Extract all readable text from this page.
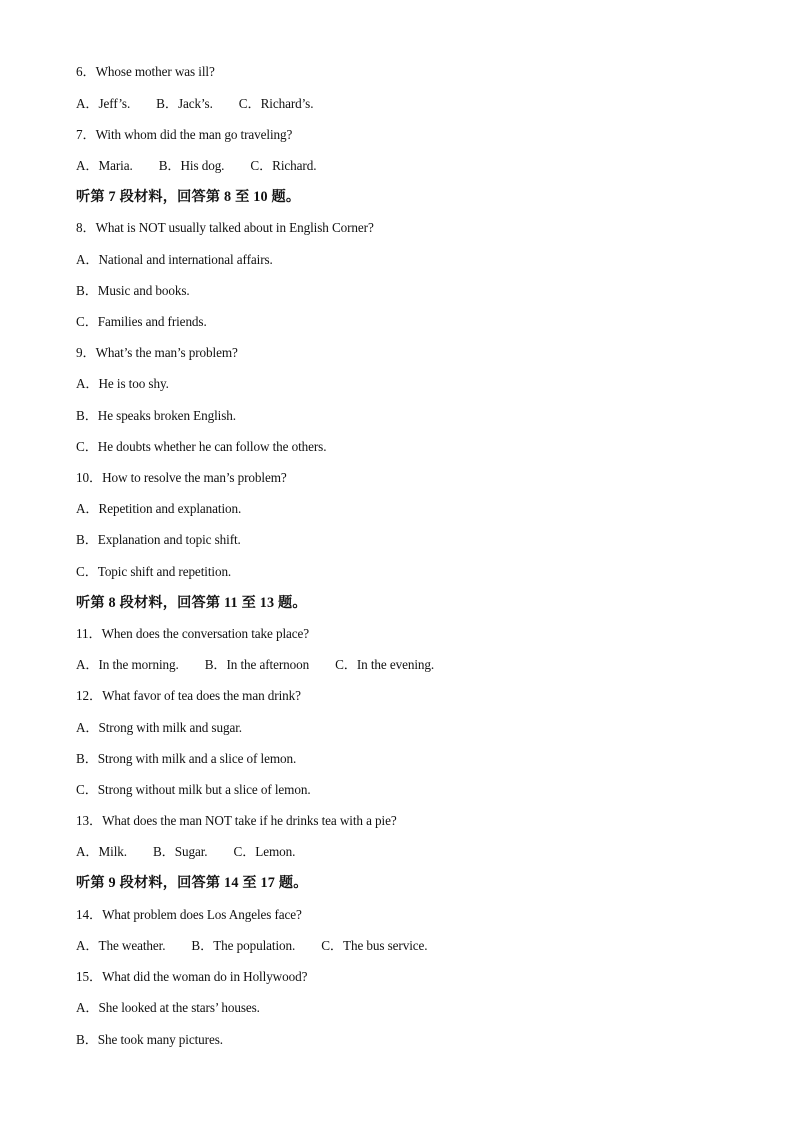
6．Whose mother was ill?
A．Jeff’s. B．Jack’s. C．Richard’s.
7．With whom did the man go traveling?
A．Maria. B．His dog. C．Richard.
听第 7 段材料，回答第 8 至 10 题。
8．What is NOT usually talked about in English Corner?
A．National and international affairs.
B．Music and books.
C．Families and friends.
9．What’s the man’s problem?
A．He is too shy.
B．He speaks broken English.
C．He doubts whether he can follow the others.
10．How to resolve the man’s problem?
A．Repetition and explanation.
B．Explanation and topic shift.
C．Topic shift and repetition.
听第 8 段材料，回答第 11 至 13 题。
11．When does the conversation take place?
A．In the morning. B．In the afternoon C．In the evening.
12．What favor of tea does the man drink?
A．Strong with milk and sugar.
B．Strong with milk and a slice of lemon.
C．Strong without milk but a slice of lemon.
13．What does the man NOT take if he drinks tea with a pie?
A．Milk. B．Sugar. C．Lemon.
听第 9 段材料，回答第 14 至 17 题。
14．What problem does Los Angeles face?
A．The weather. B．The population. C．The bus service.
15．What did the woman do in Hollywood?
A．She looked at the stars’ houses.
B．She took many pictures.
